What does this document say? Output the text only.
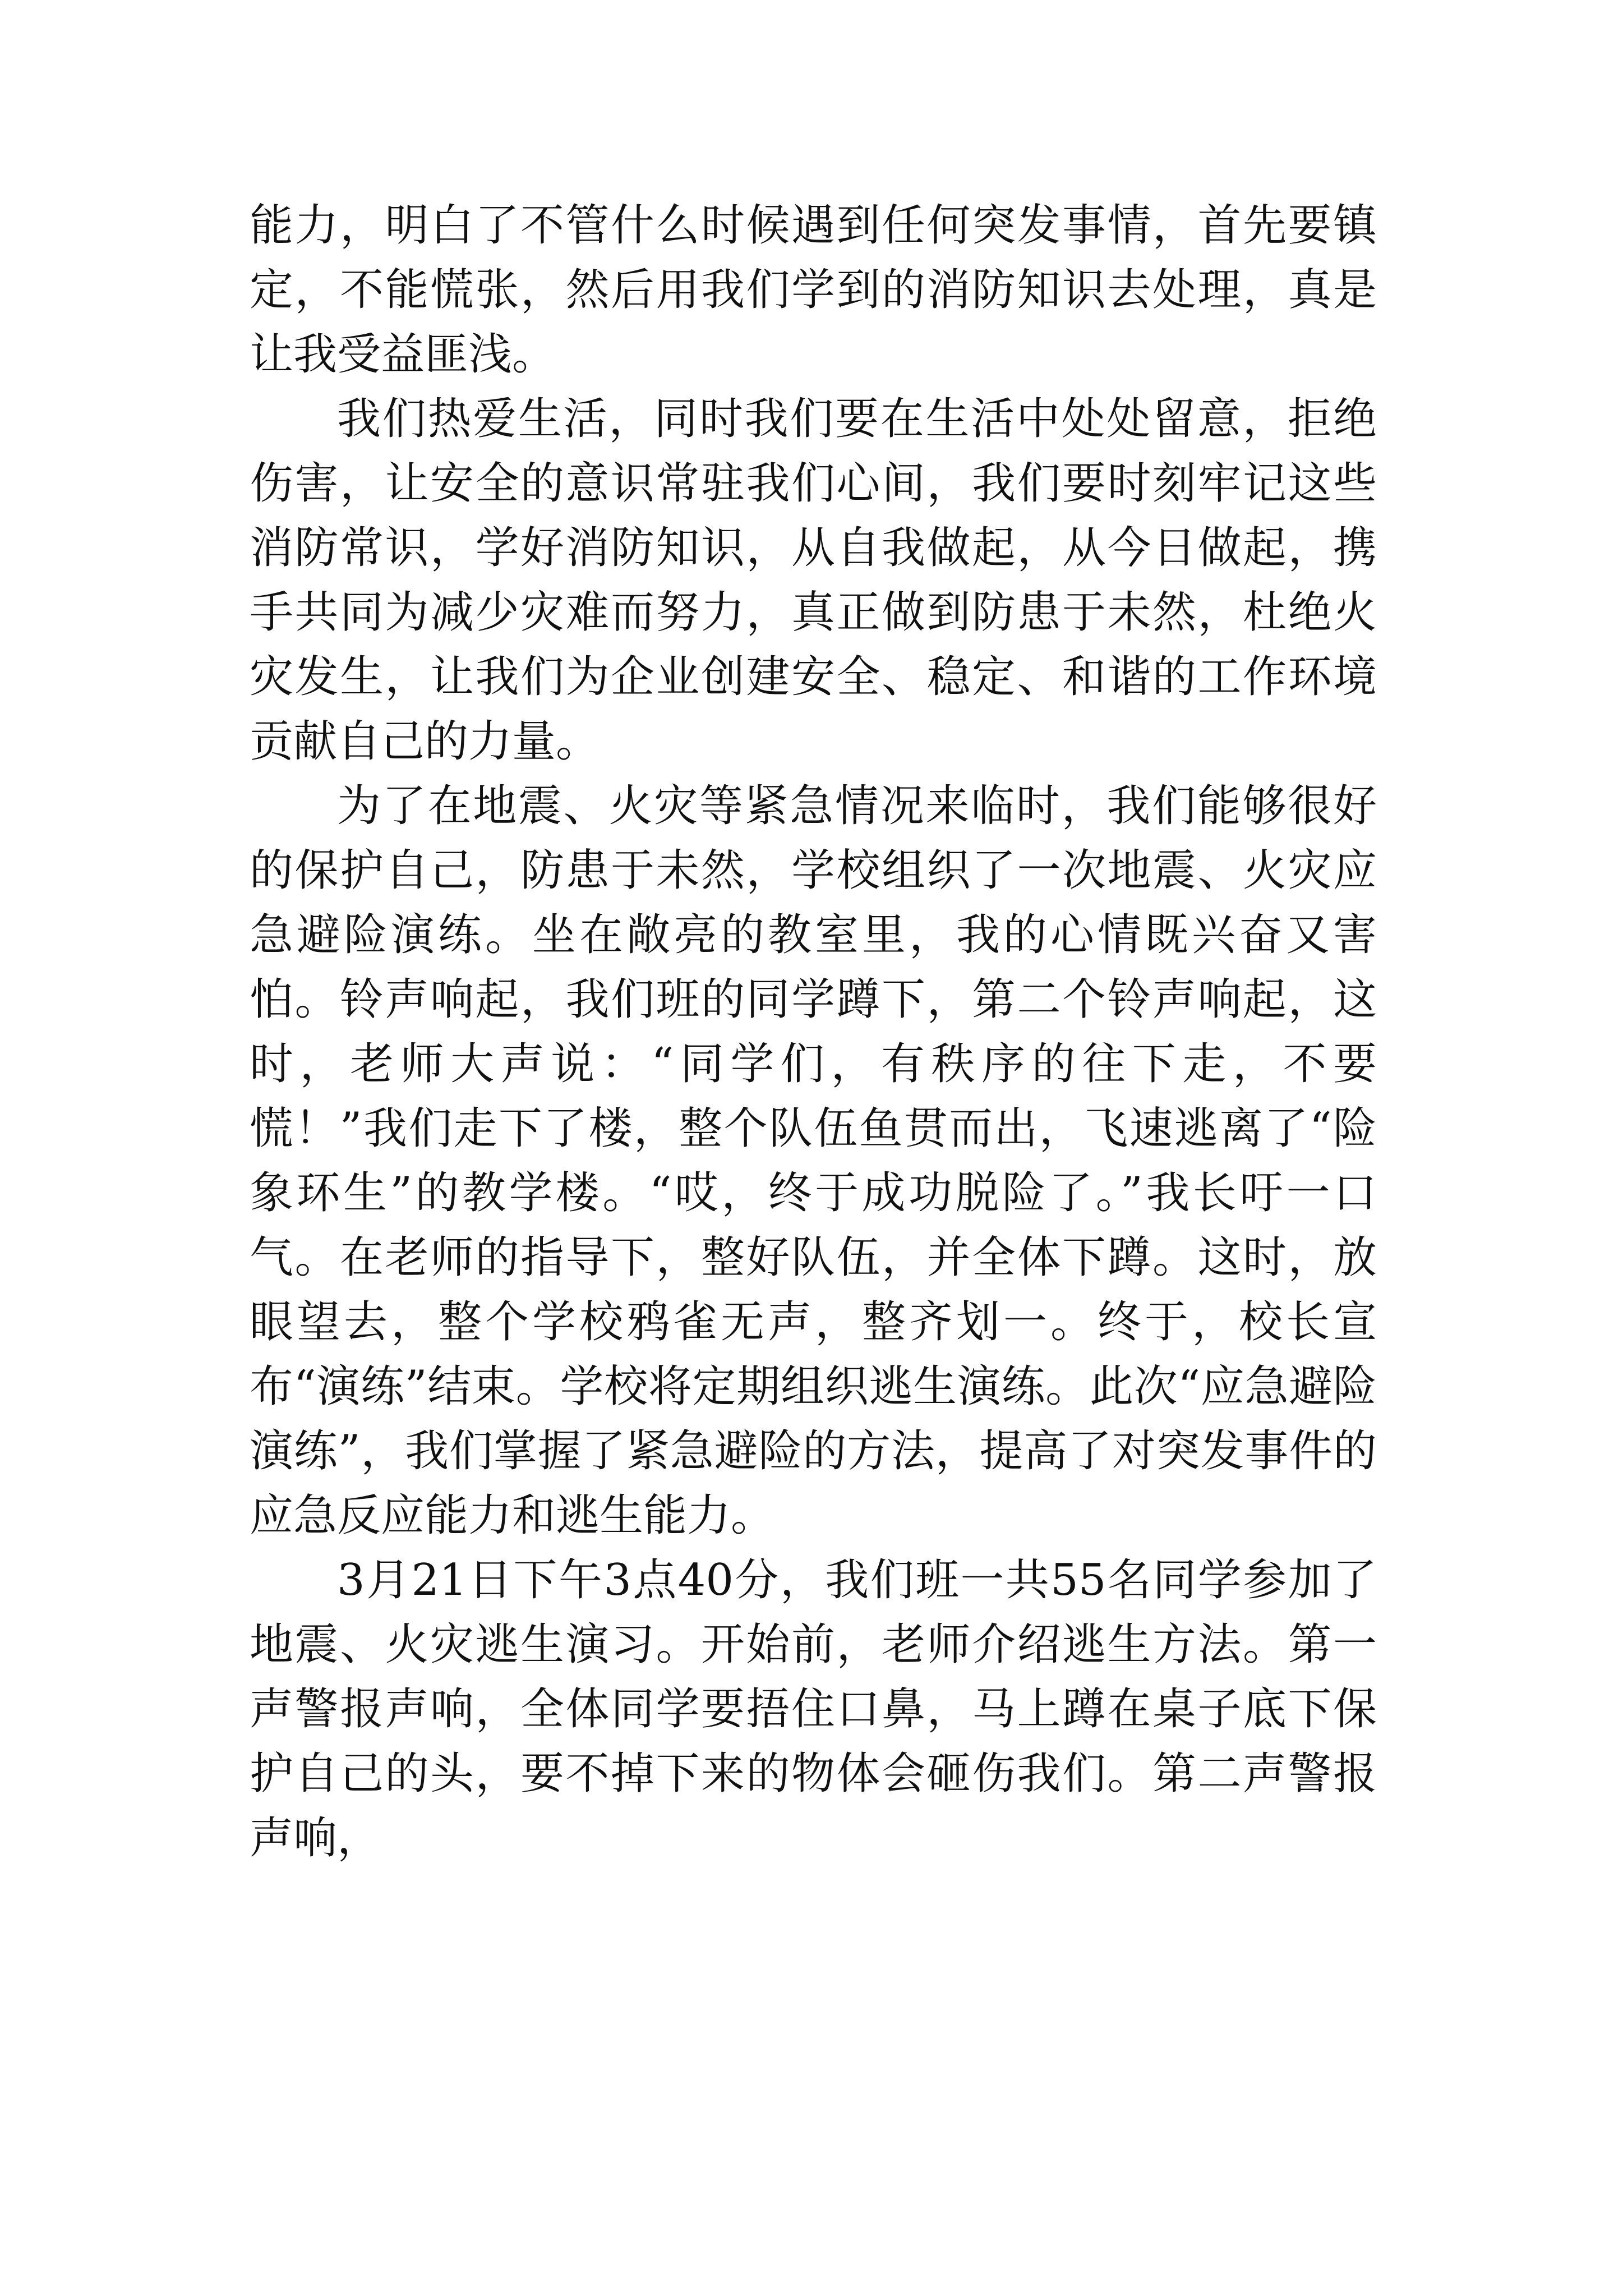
能力，明白了不管什么时候遇到任何突发事情，首先要镇定，不能慌张，然后用我们学到的消防知识去处理，真是让我受益匪浅。

我们热爱生活，同时我们要在生活中处处留意，拒绝伤害，让安全的意识常驻我们心间，我们要时刻牢记这些消防常识，学好消防知识，从自我做起，从今日做起，携手共同为减少灾难而努力，真正做到防患于未然，杜绝火灾发生，让我们为企业创建安全、稳定、和谐的工作环境贡献自己的力量。

为了在地震、火灾等紧急情况来临时，我们能够很好的保护自己，防患于未然，学校组织了一次地震、火灾应急避险演练。坐在敞亮的教室里，我的心情既兴奋又害怕。铃声响起，我们班的同学蹲下，第二个铃声响起，这时，老师大声说：“同学们，有秩序的往下走，不要慌！”我们走下了楼，整个队伍鱼贯而出，飞速逃离了“险象环生”的教学楼。“哎，终于成功脱险了。”我长吁一口气。在老师的指导下，整好队伍，并全体下蹲。这时，放眼望去，整个学校鸦雀无声，整齐划一。终于，校长宣布“演练”结束。学校将定期组织逃生演练。此次“应急避险演练”，我们掌握了紧急避险的方法，提高了对突发事件的应急反应能力和逃生能力。

3月21日下午3点40分，我们班一共55名同学参加了地震、火灾逃生演习。开始前，老师介绍逃生方法。第一声警报声响，全体同学要捂住口鼻，马上蹲在桌子底下保护自己的头，要不掉下来的物体会砸伤我们。第二声警报声响，
